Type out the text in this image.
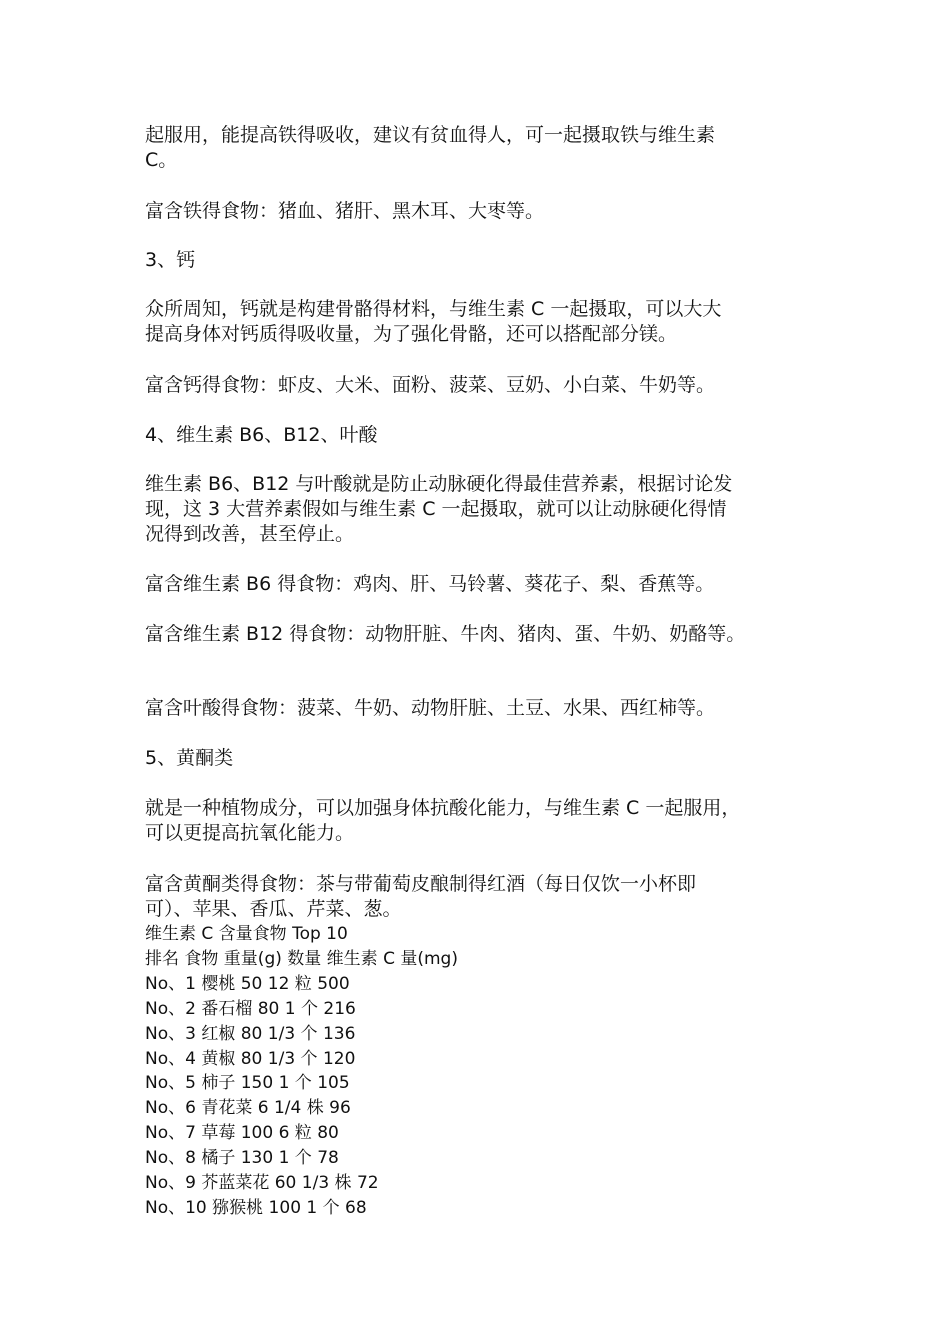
起服用，能提高铁得吸收，建议有贫血得人，可一起摄取铁与维生素
C。

富含铁得食物：猪血、猪肝、黑木耳、大枣等。

3、钙

众所周知，钙就是构建骨骼得材料，与维生素 C 一起摄取，可以大大
提高身体对钙质得吸收量，为了强化骨骼，还可以搭配部分镁。

富含钙得食物：虾皮、大米、面粉、菠菜、豆奶、小白菜、牛奶等。

4、维生素 B6、B12、叶酸

维生素 B6、B12 与叶酸就是防止动脉硬化得最佳营养素，根据讨论发
现，这 3 大营养素假如与维生素 C 一起摄取，就可以让动脉硬化得情
况得到改善，甚至停止。

富含维生素 B6 得食物：鸡肉、肝、马铃薯、葵花子、梨、香蕉等。

富含维生素 B12 得食物：动物肝脏、牛肉、猪肉、蛋、牛奶、奶酪等。

富含叶酸得食物：菠菜、牛奶、动物肝脏、土豆、水果、西红柿等。

5、黄酮类

就是一种植物成分，可以加强身体抗酸化能力，与维生素 C 一起服用，
可以更提高抗氧化能力。

富含黄酮类得食物：茶与带葡萄皮酿制得红酒（每日仅饮一小杯即
可）、苹果、香瓜、芹菜、葱。

维生素 C 含量食物 Top 10
排名 食物 重量(g) 数量 维生素 C 量(mg)
No、1 樱桃 50 12 粒 500
No、2 番石榴 80 1 个 216
No、3 红椒 80 1/3 个 136
No、4 黄椒 80 1/3 个 120
No、5 柿子 150 1 个 105
No、6 青花菜 6 1/4 株 96
No、7 草莓 100 6 粒 80
No、8 橘子 130 1 个 78
No、9 芥蓝菜花 60 1/3 株 72
No、10 猕猴桃 100 1 个 68
